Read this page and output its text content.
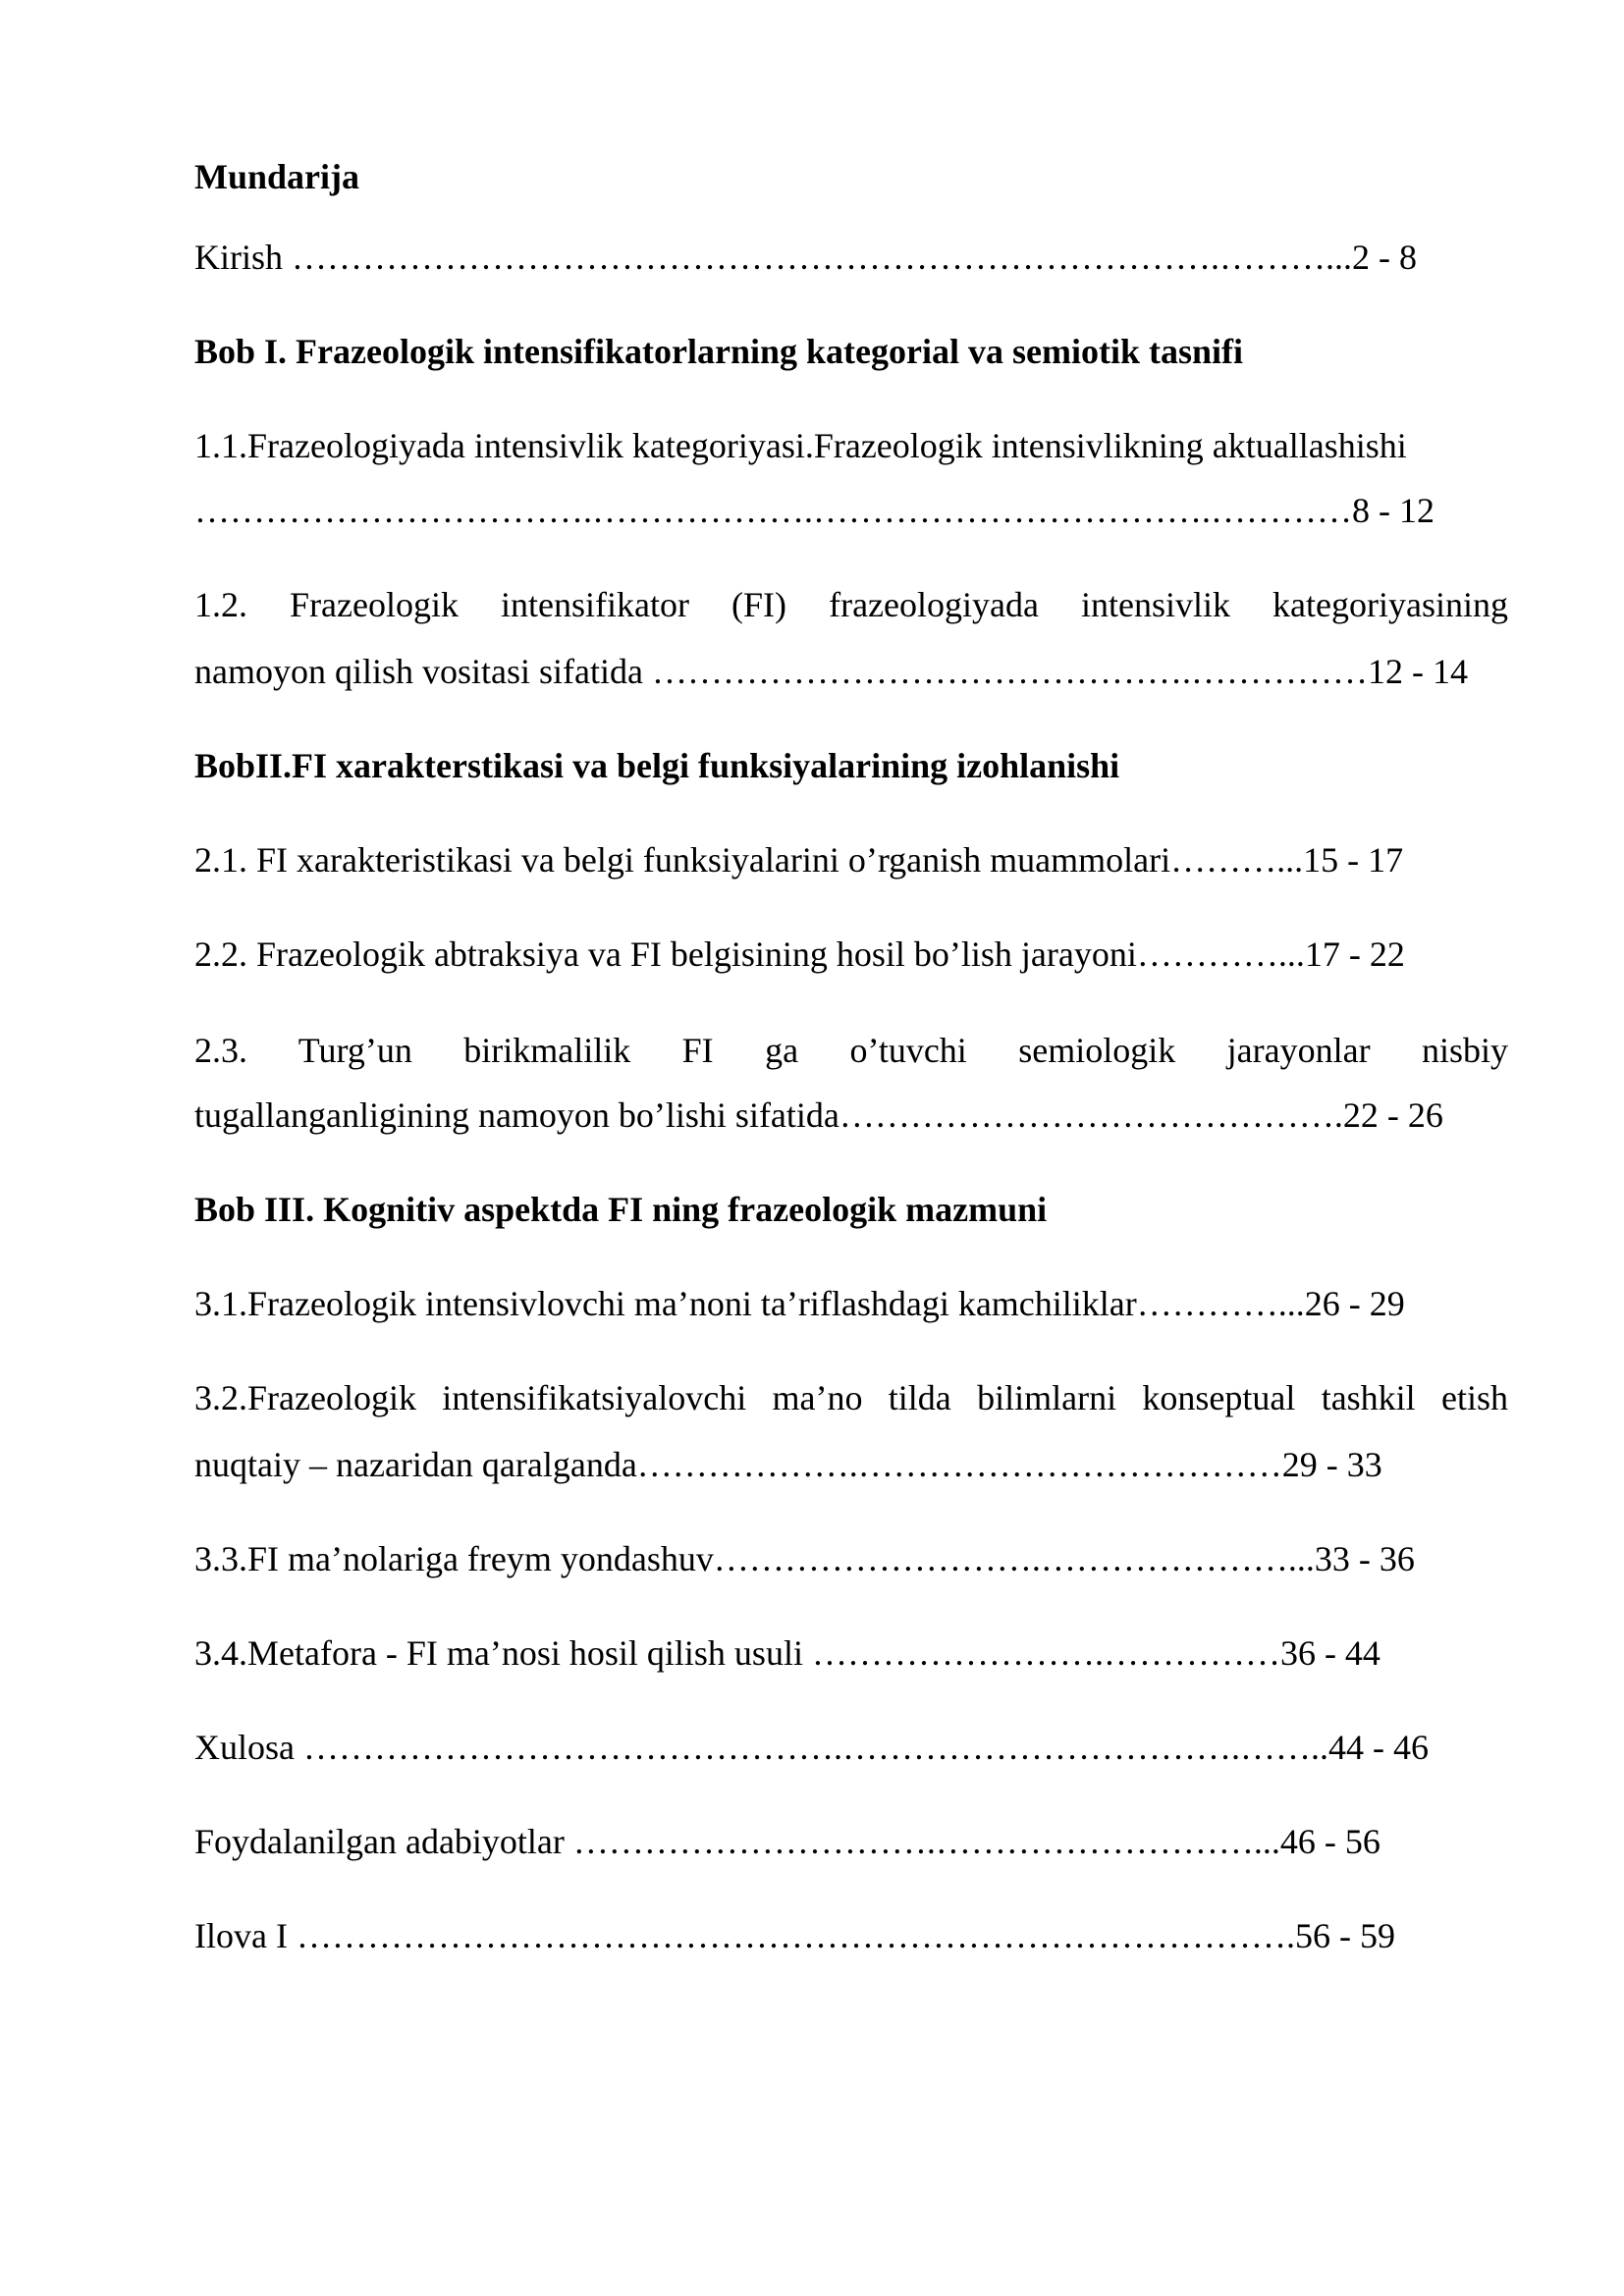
Mundarija
Kirish …………………………………………………………………….………...2 - 8
Bob I. Frazeologik intensifikatorlarning kategorial va semiotik tasnifi
1.1.Frazeologiyada intensivlik kategoriyasi.Frazeologik intensivlikning aktuallashishi
…………………………….……………….…………………………….…………8 - 12
1.2. Frazeologik intensifikator (FI) frazeologiyada intensivlik kategoriyasining
namoyon qilish vositasi sifatida ……………………………………….……………12 - 14
BobII.FI xarakterstikasi va belgi funksiyalarining izohlanishi
2.1. FI xarakteristikasi va belgi funksiyalarini o’rganish muammolari………...15 - 17
2.2. Frazeologik abtraksiya va FI belgisining hosil bo’lish jarayoni…………...17 - 22
2.3. Turg’un birikmalilik FI ga o’tuvchi semiologik jarayonlar nisbiy
tugallanganligining namoyon bo’lishi sifatida…………………………………….22 - 26
Bob III. Kognitiv aspektda FI ning frazeologik mazmuni
3.1.Frazeologik intensivlovchi ma’noni ta’riflashdagi kamchiliklar…………...26 - 29
3.2.Frazeologik intensifikatsiyalovchi ma’no tilda bilimlarni konseptual tashkil etish
nuqtaiy – nazaridan qaralganda……………….………………………………29 - 33
3.3.FI ma’nolariga freym yondashuv……………………….…………………...33 - 36
3.4.Metafora - FI ma’nosi hosil qilish usuli …………………….……………36 - 44
Xulosa ……………………………………….…………………………….……..44 - 46
Foydalanilgan adabiyotlar ………………………….………………………...46 - 56
Ilova I ………………………………………………………………………….56 - 59
